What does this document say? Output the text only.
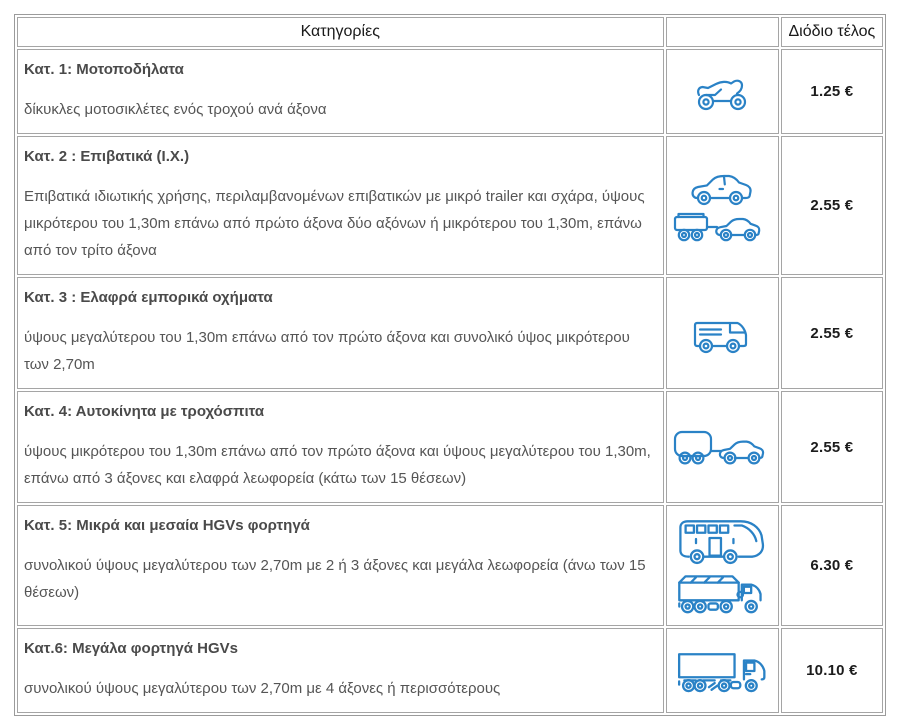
Κατηγορίες		Διόδιο τέλος

Κατ. 1: Μοτοποδήλατα

δίκυκλες μοτοσικλέτες ενός τροχού ανά άξονα		1.25 €

Κατ. 2 : Επιβατικά (Ι.Χ.)

Επιβατικά ιδιωτικής χρήσης, περιλαμβανομένων επιβατικών με μικρό trailer και σχάρα, ύψους μικρότερου του 1,30m επάνω από πρώτο άξονα δύο αξόνων ή μικρότερου του 1,30m, επάνω από τον τρίτο άξονα		2.55 €

Κατ. 3 : Ελαφρά εμπορικά οχήματα

ύψους μεγαλύτερου του 1,30m επάνω από τον πρώτο άξονα και συνολικό ύψος μικρότερου των 2,70m		2.55 €

Κατ. 4: Αυτοκίνητα με τροχόσπιτα

ύψους μικρότερου του 1,30m επάνω από τον πρώτο άξονα και ύψους μεγαλύτερου του 1,30m, επάνω από 3 άξονες και ελαφρά λεωφορεία (κάτω των 15 θέσεων)		2.55 €

Κατ. 5: Μικρά και μεσαία HGVs φορτηγά

συνολικού ύψους μεγαλύτερου των 2,70m με 2 ή 3 άξονες και μεγάλα λεωφορεία (άνω των 15 θέσεων)		6.30 €

Κατ.6: Μεγάλα φορτηγά HGVs

συνολικού ύψους μεγαλύτερου των 2,70m με 4 άξονες ή περισσότερους		10.10 €
